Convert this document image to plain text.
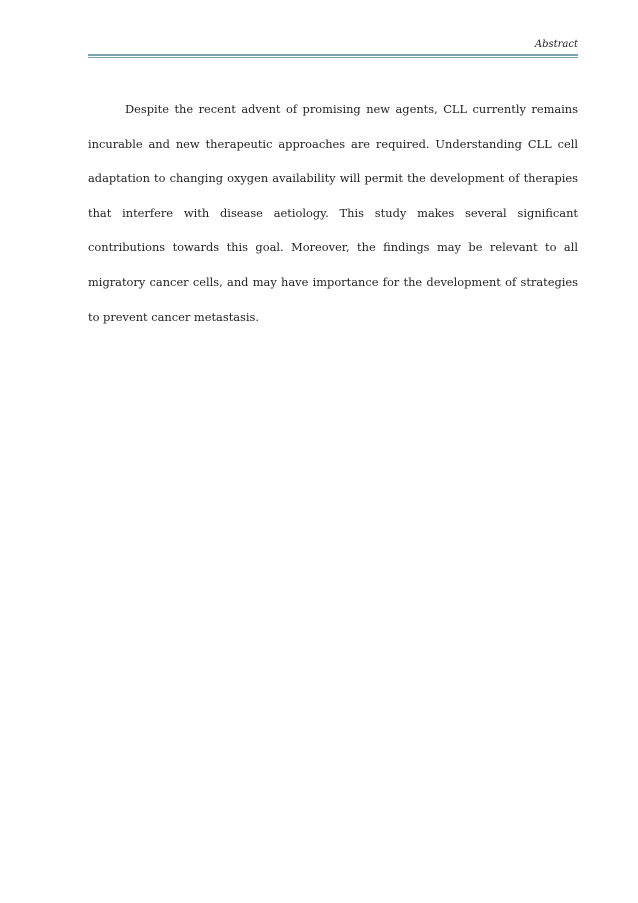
Abstract

Despite the recent advent of promising new agents, CLL currently remains incurable and new therapeutic approaches are required. Understanding CLL cell adaptation to changing oxygen availability will permit the development of therapies that interfere with disease aetiology. This study makes several significant contributions towards this goal. Moreover, the findings may be relevant to all migratory cancer cells, and may have importance for the development of strategies to prevent cancer metastasis.
